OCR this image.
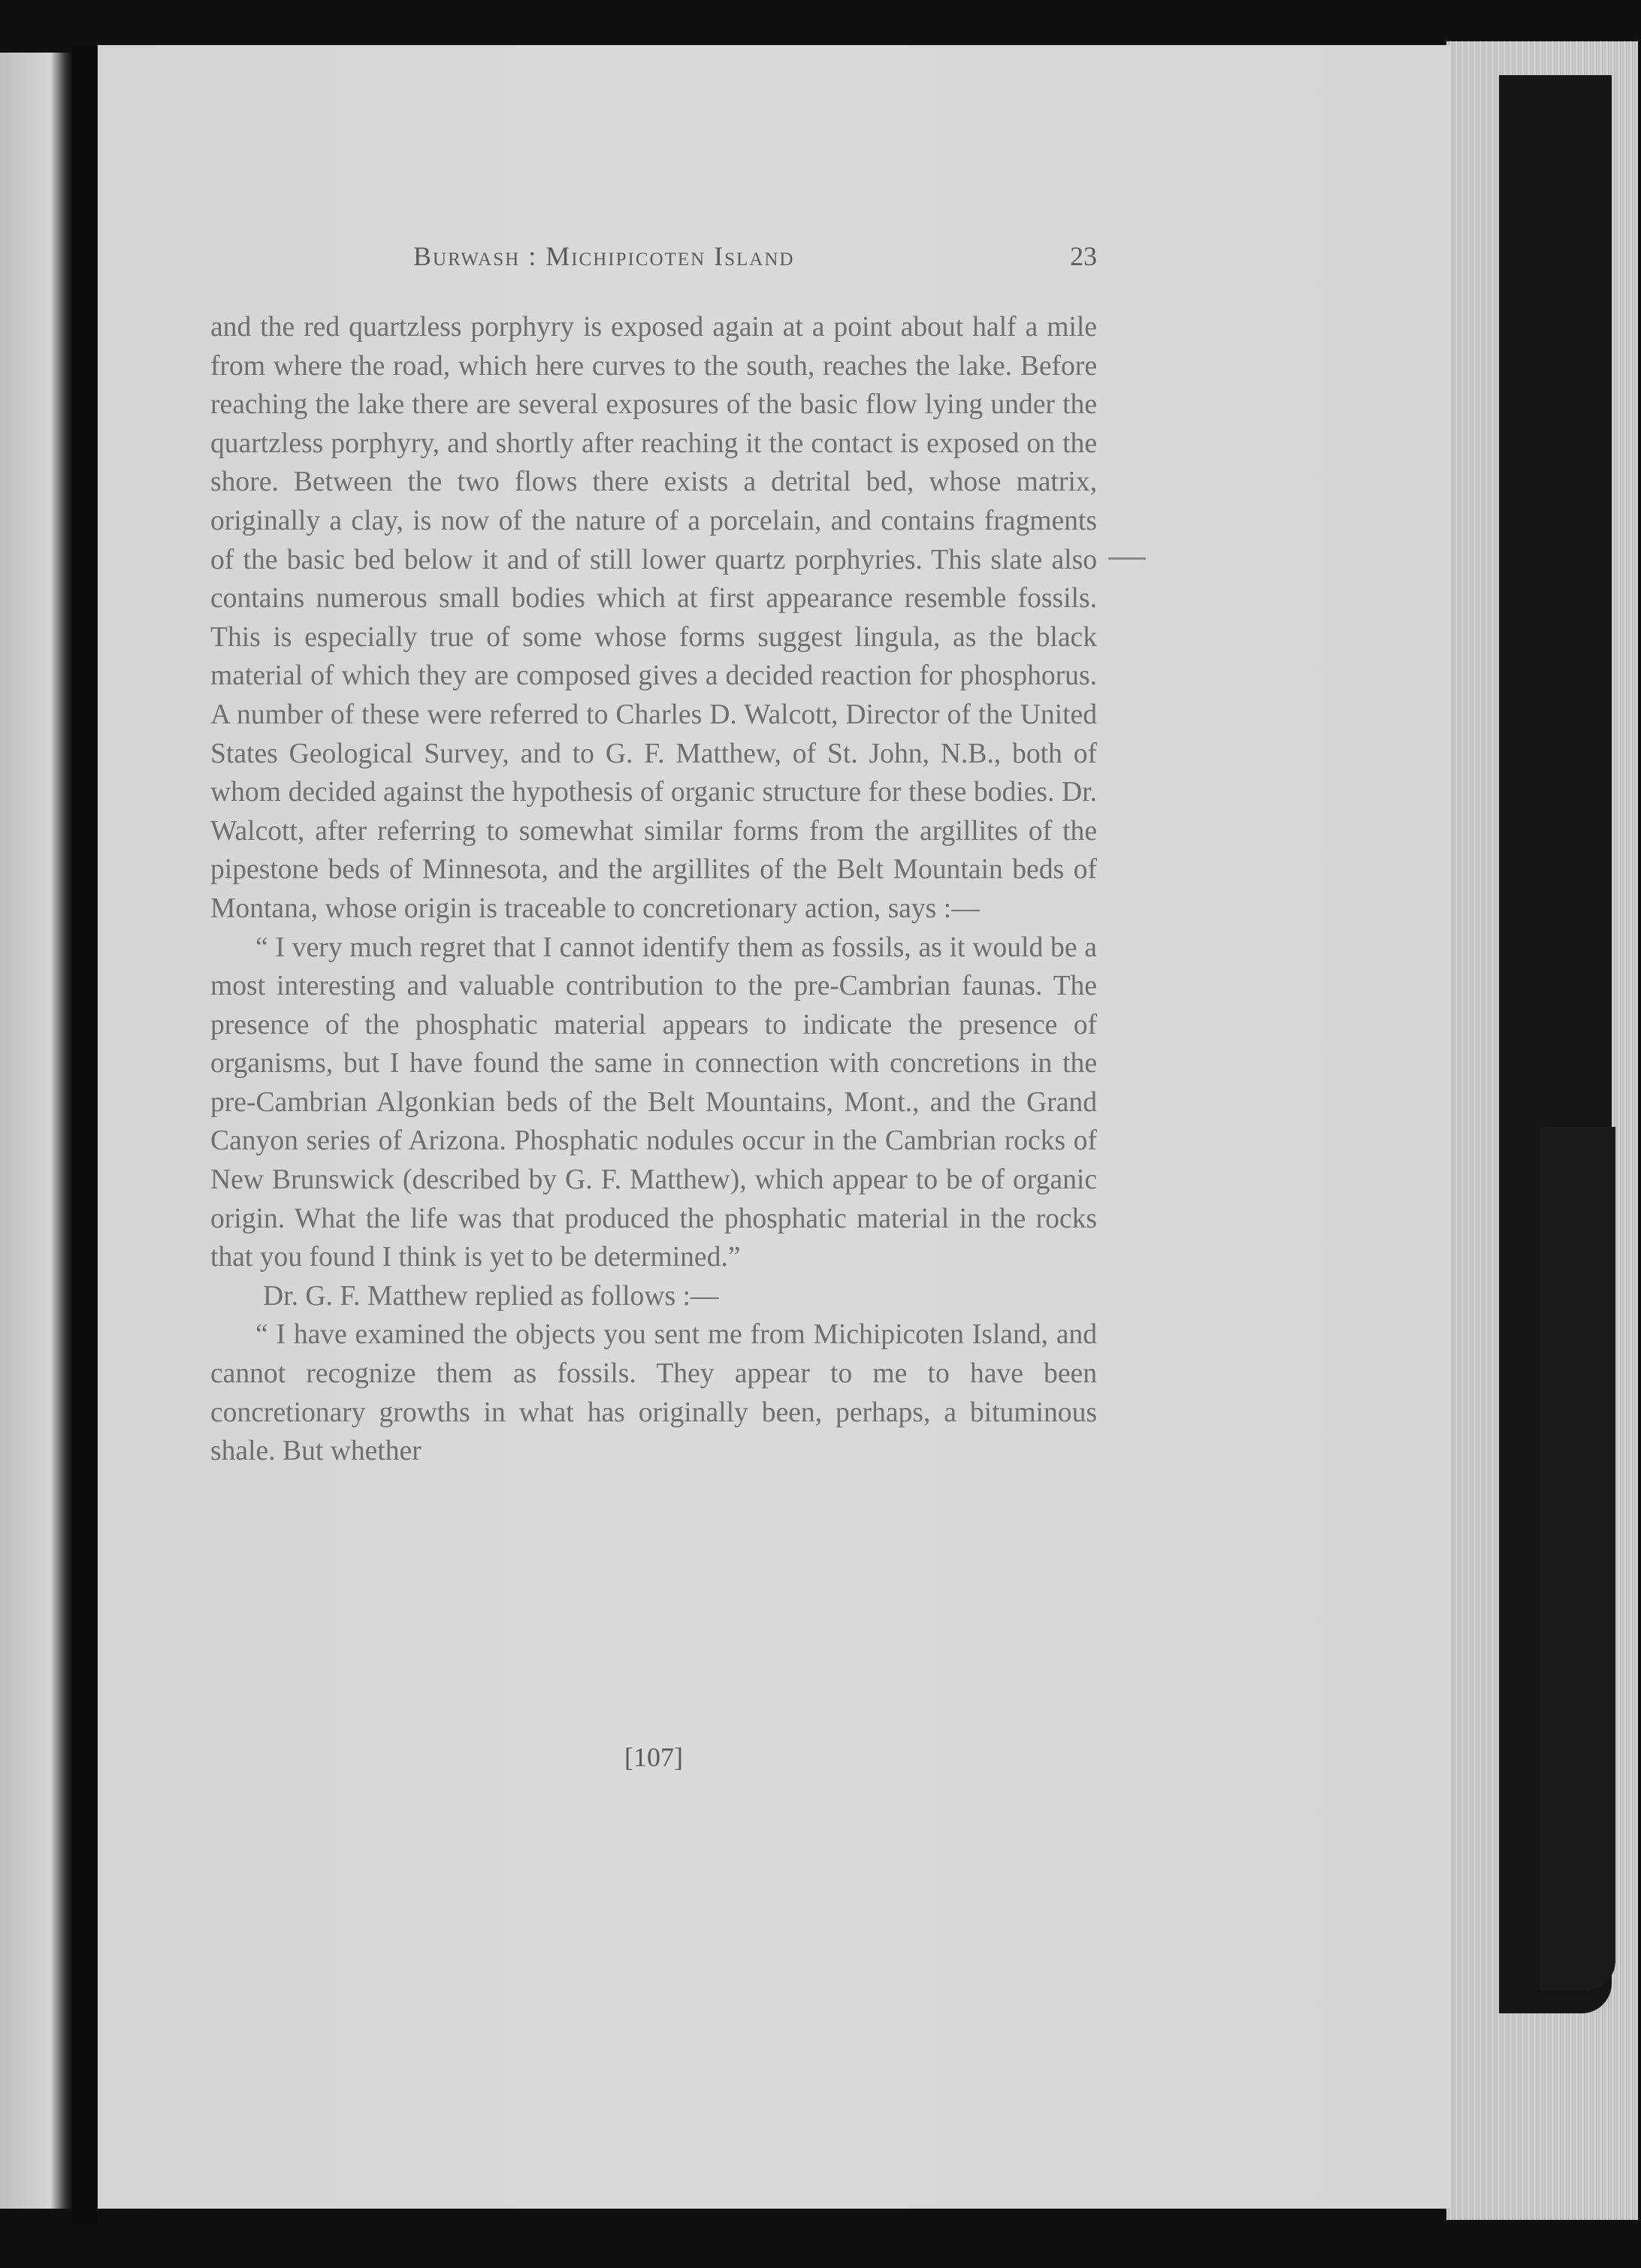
Burwash : Michipicoten Island	23

and the red quartzless porphyry is exposed again at a point about half a mile from where the road, which here curves to the south, reaches the lake. Before reaching the lake there are several exposures of the basic flow lying under the quartzless porphyry, and shortly after reaching it the contact is exposed on the shore. Between the two flows there exists a detrital bed, whose matrix, originally a clay, is now of the nature of a porcelain, and contains fragments of the basic bed below it and of still lower quartz porphyries. This slate also contains numerous small bodies which at first appearance resemble fossils. This is especially true of some whose forms suggest lingula, as the black material of which they are composed gives a decided reaction for phosphorus. A number of these were referred to Charles D. Walcott, Director of the United States Geological Survey, and to G. F. Matthew, of St. John, N.B., both of whom decided against the hypothesis of organic structure for these bodies. Dr. Walcott, after referring to somewhat similar forms from the argillites of the pipestone beds of Minnesota, and the argillites of the Belt Mountain beds of Montana, whose origin is traceable to concretionary action, says :—

“ I very much regret that I cannot identify them as fossils, as it would be a most interesting and valuable contribution to the pre-Cambrian faunas. The presence of the phosphatic material appears to indicate the presence of organisms, but I have found the same in connection with concretions in the pre-Cambrian Algonkian beds of the Belt Mountains, Mont., and the Grand Canyon series of Arizona. Phosphatic nodules occur in the Cambrian rocks of New Brunswick (described by G. F. Matthew), which appear to be of organic origin. What the life was that produced the phosphatic material in the rocks that you found I think is yet to be determined.”

Dr. G. F. Matthew replied as follows :—

“ I have examined the objects you sent me from Michipicoten Island, and cannot recognize them as fossils. They appear to me to have been concretionary growths in what has originally been, perhaps, a bituminous shale. But whether

[107]
